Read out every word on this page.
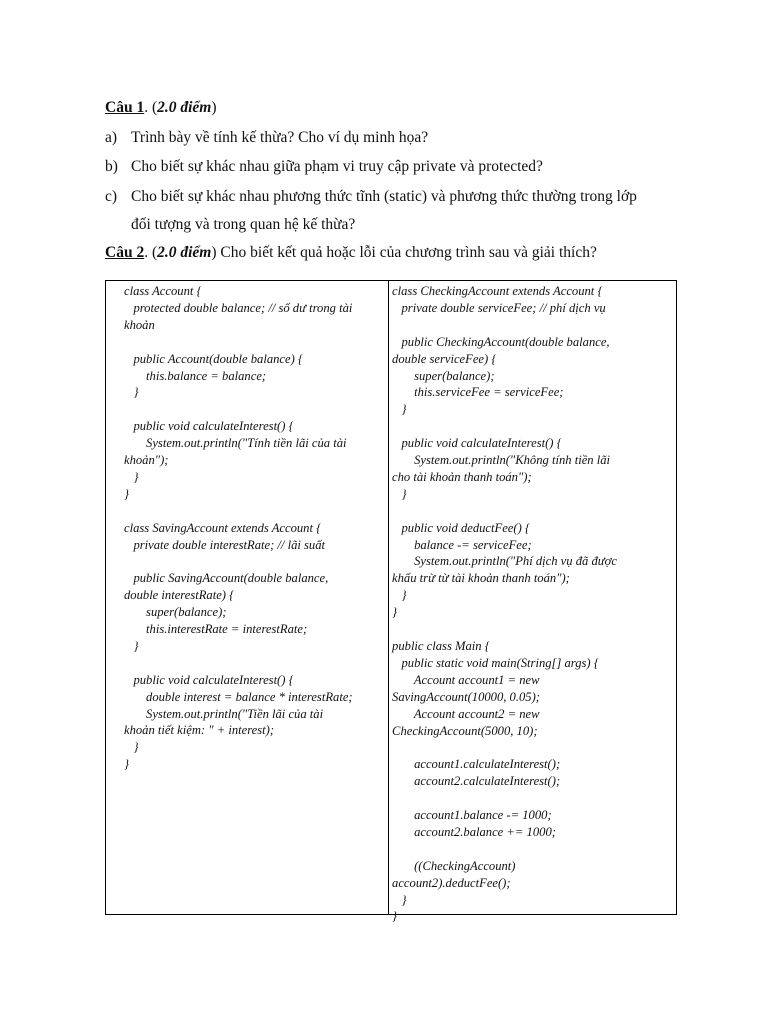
Câu 1. (2.0 điểm)
a) Trình bày về tính kế thừa? Cho ví dụ minh họa?
b) Cho biết sự khác nhau giữa phạm vi truy cập private và protected?
c) Cho biết sự khác nhau phương thức tĩnh (static) và phương thức thường trong lớp
đối tượng và trong quan hệ kế thừa?
Câu 2. (2.0 điểm) Cho biết kết quả hoặc lỗi của chương trình sau và giải thích?
class Account {
protected double balance; // số dư trong tài
khoản
public Account(double balance) {
this.balance = balance;
}
public void calculateInterest() {
System.out.println("Tính tiền lãi của tài
khoản");
}
}
class SavingAccount extends Account {
private double interestRate; // lãi suất
public SavingAccount(double balance,
double interestRate) {
super(balance);
this.interestRate = interestRate;
}
public void calculateInterest() {
double interest = balance * interestRate;
System.out.println("Tiền lãi của tài
khoản tiết kiệm: " + interest);
}
}
class CheckingAccount extends Account {
private double serviceFee; // phí dịch vụ
public CheckingAccount(double balance,
double serviceFee) {
super(balance);
this.serviceFee = serviceFee;
}
public void calculateInterest() {
System.out.println("Không tính tiền lãi
cho tài khoản thanh toán");
}
public void deductFee() {
balance -= serviceFee;
System.out.println("Phí dịch vụ đã được
khấu trừ từ tài khoản thanh toán");
}
}
public class Main {
public static void main(String[] args) {
Account account1 = new
SavingAccount(10000, 0.05);
Account account2 = new
CheckingAccount(5000, 10);
account1.calculateInterest();
account2.calculateInterest();
account1.balance -= 1000;
account2.balance += 1000;
((CheckingAccount)
account2).deductFee();
}
}
